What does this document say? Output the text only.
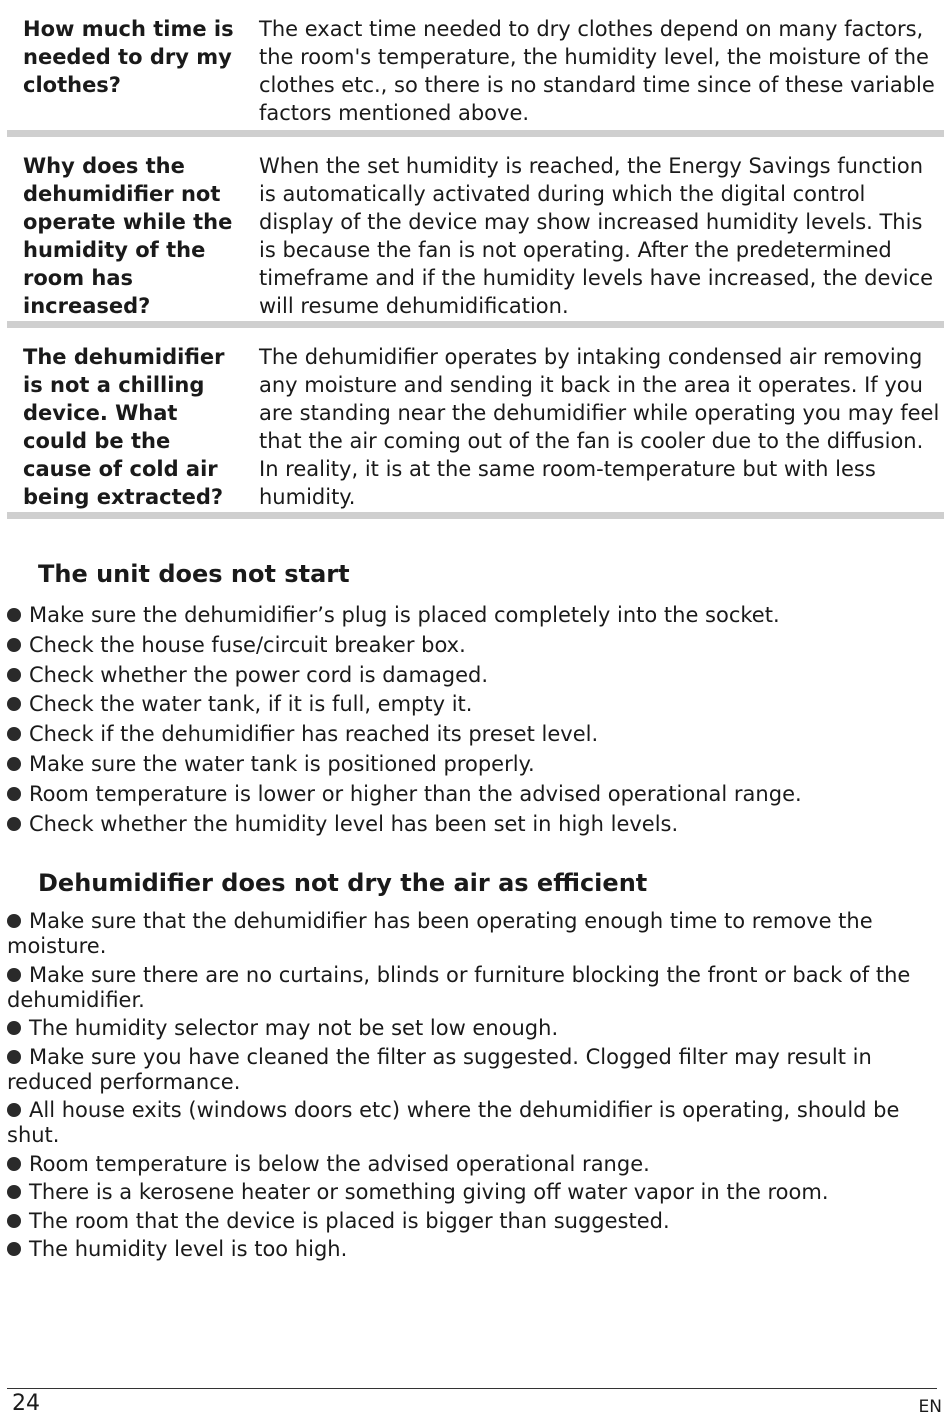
How much time is needed to dry my clothes?
The exact time needed to dry clothes depend on many factors, the room's temperature, the humidity level, the moisture of the clothes etc., so there is no standard time since of these variable factors mentioned above.
Why does the dehumidifier not operate while the humidity of the room has increased?
When the set humidity is reached, the Energy Savings function is automatically activated during which the digital control display of the device may show increased humidity levels. This is because the fan is not operating. After the predetermined timeframe and if the humidity levels have increased, the device will resume dehumidification.
The dehumidifier is not a chilling device. What could be the cause of cold air being extracted?
The dehumidifier operates by intaking condensed air removing any moisture and sending it back in the area it operates. If you are standing near the dehumidifier while operating you may feel that the air coming out of the fan is cooler due to the diffusion. In reality, it is at the same room-temperature but with less humidity.
The unit does not start
Make sure the dehumidifier’s plug is placed completely into the socket.
Check the house fuse/circuit breaker box.
Check whether the power cord is damaged.
Check the water tank, if it is full, empty it.
Check if the dehumidifier has reached its preset level.
Make sure the water tank is positioned properly.
Room temperature is lower or higher than the advised operational range.
Check whether the humidity level has been set in high levels.
Dehumidifier does not dry the air as efficient
Make sure that the dehumidifier has been operating enough time to remove the moisture.
Make sure there are no curtains, blinds or furniture blocking the front or back of the dehumidifier.
The humidity selector may not be set low enough.
Make sure you have cleaned the filter as suggested. Clogged filter may result in reduced performance.
All house exits (windows doors etc) where the dehumidifier is operating, should be shut.
Room temperature is below the advised operational range.
There is a kerosene heater or something giving off water vapor in the room.
The room that the device is placed is bigger than suggested.
The humidity level is too high.
24	EN
